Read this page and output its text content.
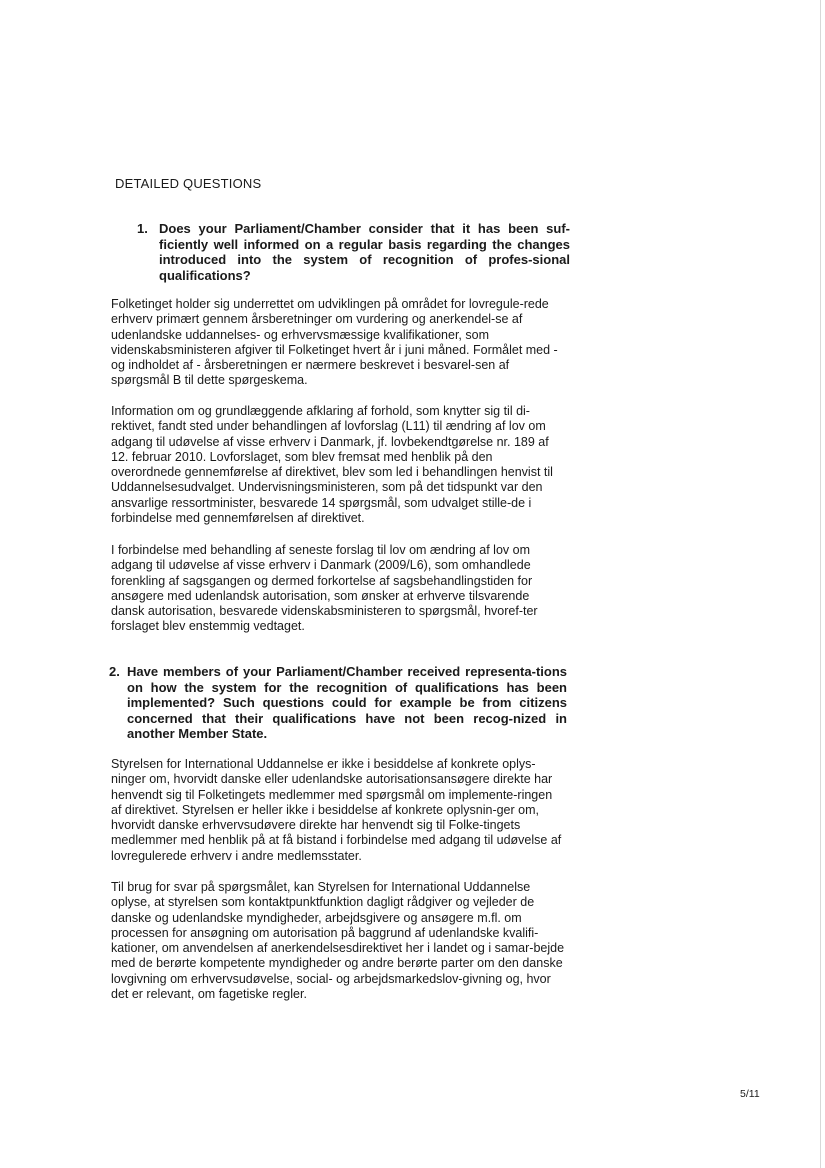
DETAILED QUESTIONS
1. Does your Parliament/Chamber consider that it has been suf-ficiently well informed on a regular basis regarding the changes introduced into the system of recognition of profes-sional qualifications?
Folketinget holder sig underrettet om udviklingen på området for lovregule-rede erhverv primært gennem årsberetninger om vurdering og anerkendel-se af udenlandske uddannelses- og erhvervsmæssige kvalifikationer, som videnskabsministeren afgiver til Folketinget hvert år i juni måned. Formålet med - og indholdet af - årsberetningen er nærmere beskrevet i besvarel-sen af spørgsmål B til dette spørgeskema.
Information om og grundlæggende afklaring af forhold, som knytter sig til di-rektivet, fandt sted under behandlingen af lovforslag (L11) til ændring af lov om adgang til udøvelse af visse erhverv i Danmark, jf. lovbekendtgørelse nr. 189 af 12. februar 2010. Lovforslaget, som blev fremsat med henblik på den overordnede gennemførelse af direktivet, blev som led i behandlingen henvist til Uddannelsesudvalget. Undervisningsministeren, som på det tidspunkt var den ansvarlige ressortminister, besvarede 14 spørgsmål, som udvalget stille-de i forbindelse med gennemførelsen af direktivet.
I forbindelse med behandling af seneste forslag til lov om ændring af lov om adgang til udøvelse af visse erhverv i Danmark (2009/L6), som omhandlede forenkling af sagsgangen og dermed forkortelse af sagsbehandlingstiden for ansøgere med udenlandsk autorisation, som ønsker at erhverve tilsvarende dansk autorisation, besvarede videnskabsministeren to spørgsmål, hvoref-ter forslaget blev enstemmig vedtaget.
2. Have members of your Parliament/Chamber received representa-tions on how the system for the recognition of qualifications has been implemented? Such questions could for example be from citizens concerned that their qualifications have not been recog-nized in another Member State.
Styrelsen for International Uddannelse er ikke i besiddelse af konkrete oplys-ninger om, hvorvidt danske eller udenlandske autorisationsansøgere direkte har henvendt sig til Folketingets medlemmer med spørgsmål om implemente-ringen af direktivet. Styrelsen er heller ikke i besiddelse af konkrete oplysnin-ger om, hvorvidt danske erhvervsudøvere direkte har henvendt sig til Folke-tingets medlemmer med henblik på at få bistand i forbindelse med adgang til udøvelse af lovregulerede erhverv i andre medlemsstater.
Til brug for svar på spørgsmålet, kan Styrelsen for International Uddannelse oplyse, at styrelsen som kontaktpunktfunktion dagligt rådgiver og vejleder de danske og udenlandske myndigheder, arbejdsgivere og ansøgere m.fl. om processen for ansøgning om autorisation på baggrund af udenlandske kvalifi-kationer, om anvendelsen af anerkendelsesdirektivet her i landet og i samar-bejde med de berørte kompetente myndigheder og andre berørte parter om den danske lovgivning om erhvervsudøvelse, social- og arbejdsmarkedslov-givning og, hvor det er relevant, om fagetiske regler.
5/11
